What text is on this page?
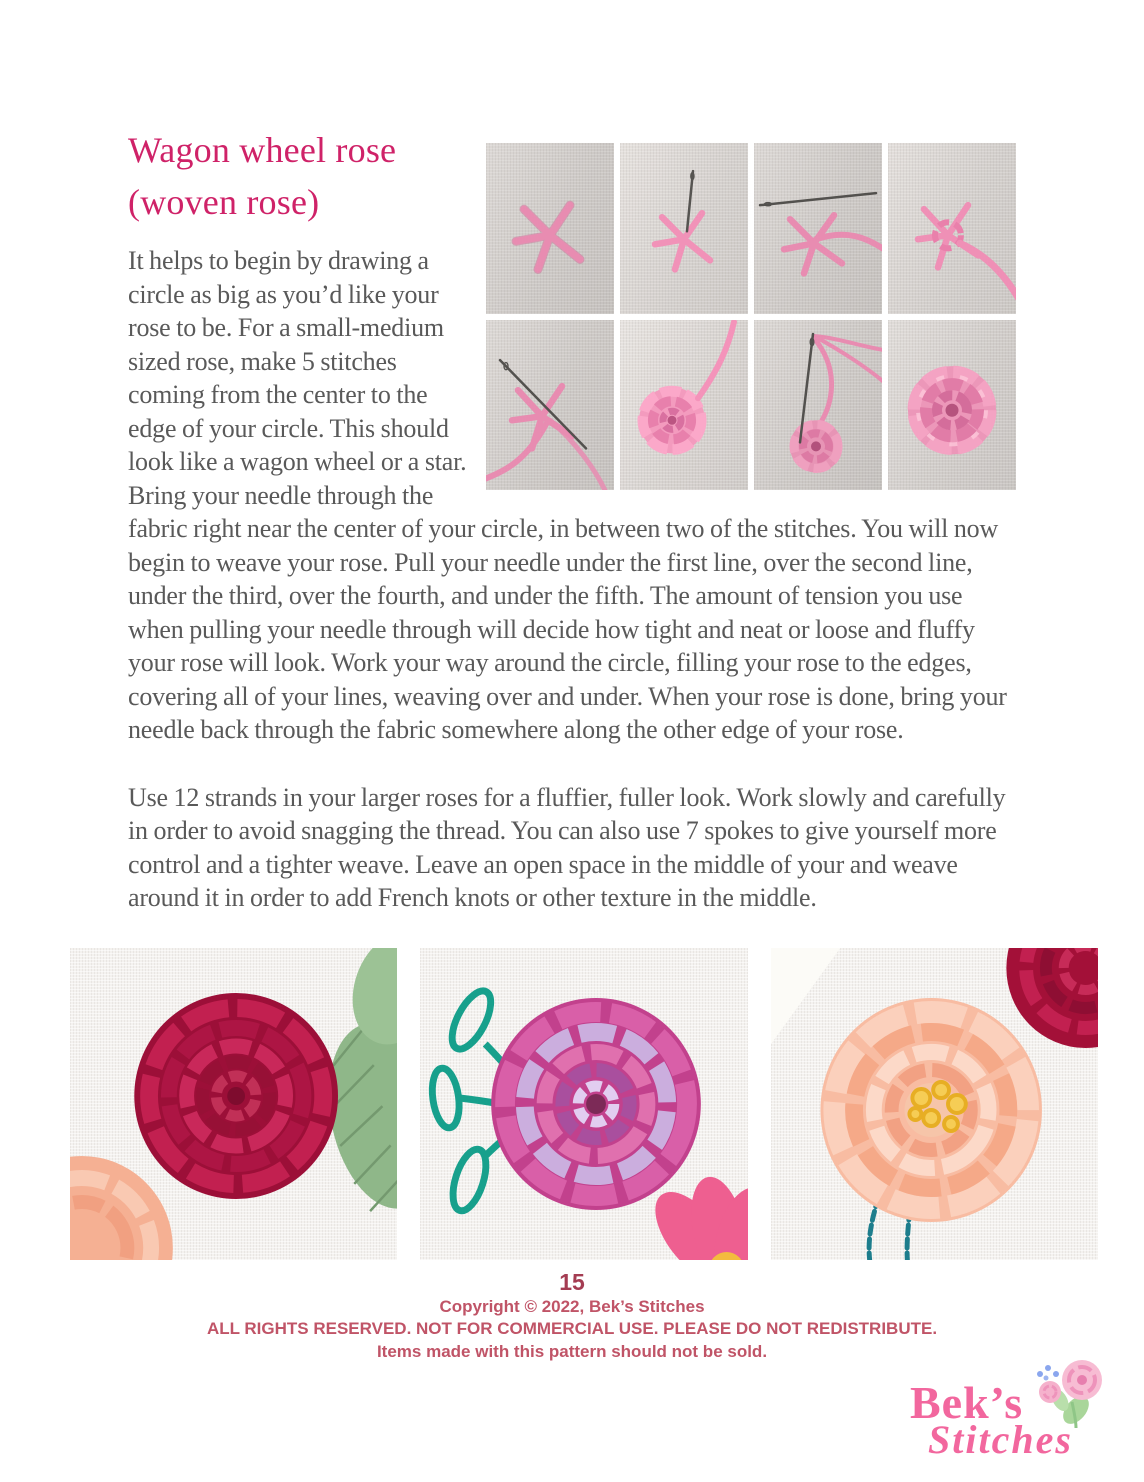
Wagon wheel rose
(woven rose)

It helps to begin by drawing a circle as big as you’d like your rose to be. For a small-medium sized rose, make 5 stitches coming from the center to the edge of your circle. This should look like a wagon wheel or a star. Bring your needle through the fabric right near the center of your circle, in between two of the stitches. You will now begin to weave your rose. Pull your needle under the first line, over the second line, under the third, over the fourth, and under the fifth. The amount of tension you use when pulling your needle through will decide how tight and neat or loose and fluffy your rose will look. Work your way around the circle, filling your rose to the edges, covering all of your lines, weaving over and under. When your rose is done, bring your needle back through the fabric somewhere along the other edge of your rose.

Use 12 strands in your larger roses for a fluffier, fuller look. Work slowly and carefully in order to avoid snagging the thread. You can also use 7 spokes to give yourself more control and a tighter weave. Leave an open space in the middle of your and weave around it in order to add French knots or other texture in the middle.

15
Copyright © 2022, Bek’s Stitches
ALL RIGHTS RESERVED. NOT FOR COMMERCIAL USE. PLEASE DO NOT REDISTRIBUTE.
Items made with this pattern should not be sold.
Bek’s
Stitches
